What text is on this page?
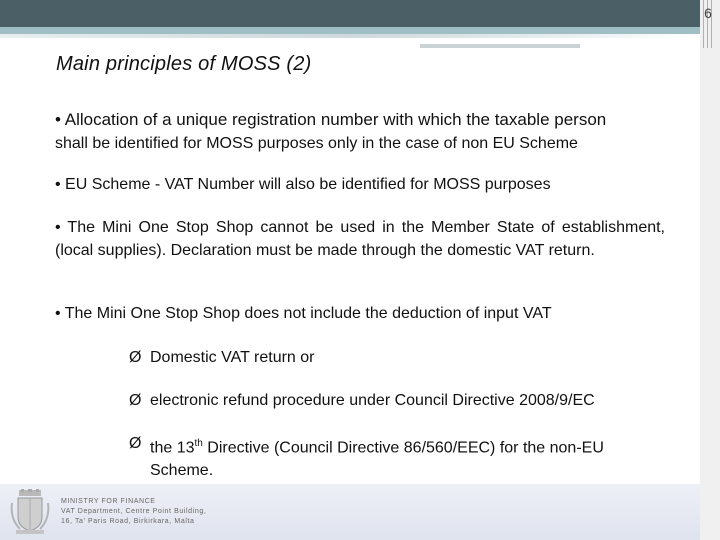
6
Main principles of MOSS (2)

• Allocation of a unique registration number with which the taxable person
shall be identified for MOSS purposes only in the case of non EU Scheme

• EU Scheme - VAT Number will also be identified for MOSS purposes

• The Mini One Stop Shop cannot be used in the Member State of establishment, (local supplies). Declaration must be made through the domestic VAT return.

• The Mini One Stop Shop does not include the deduction of input VAT

Ø Domestic VAT return or
Ø electronic refund procedure under Council Directive 2008/9/EC
Ø the 13th Directive (Council Directive 86/560/EEC) for the non-EU
Scheme.
MINISTRY FOR FINANCE
VAT Department, Centre Point Building,
16, Ta' Paris Road, Birkirkara, Malta
